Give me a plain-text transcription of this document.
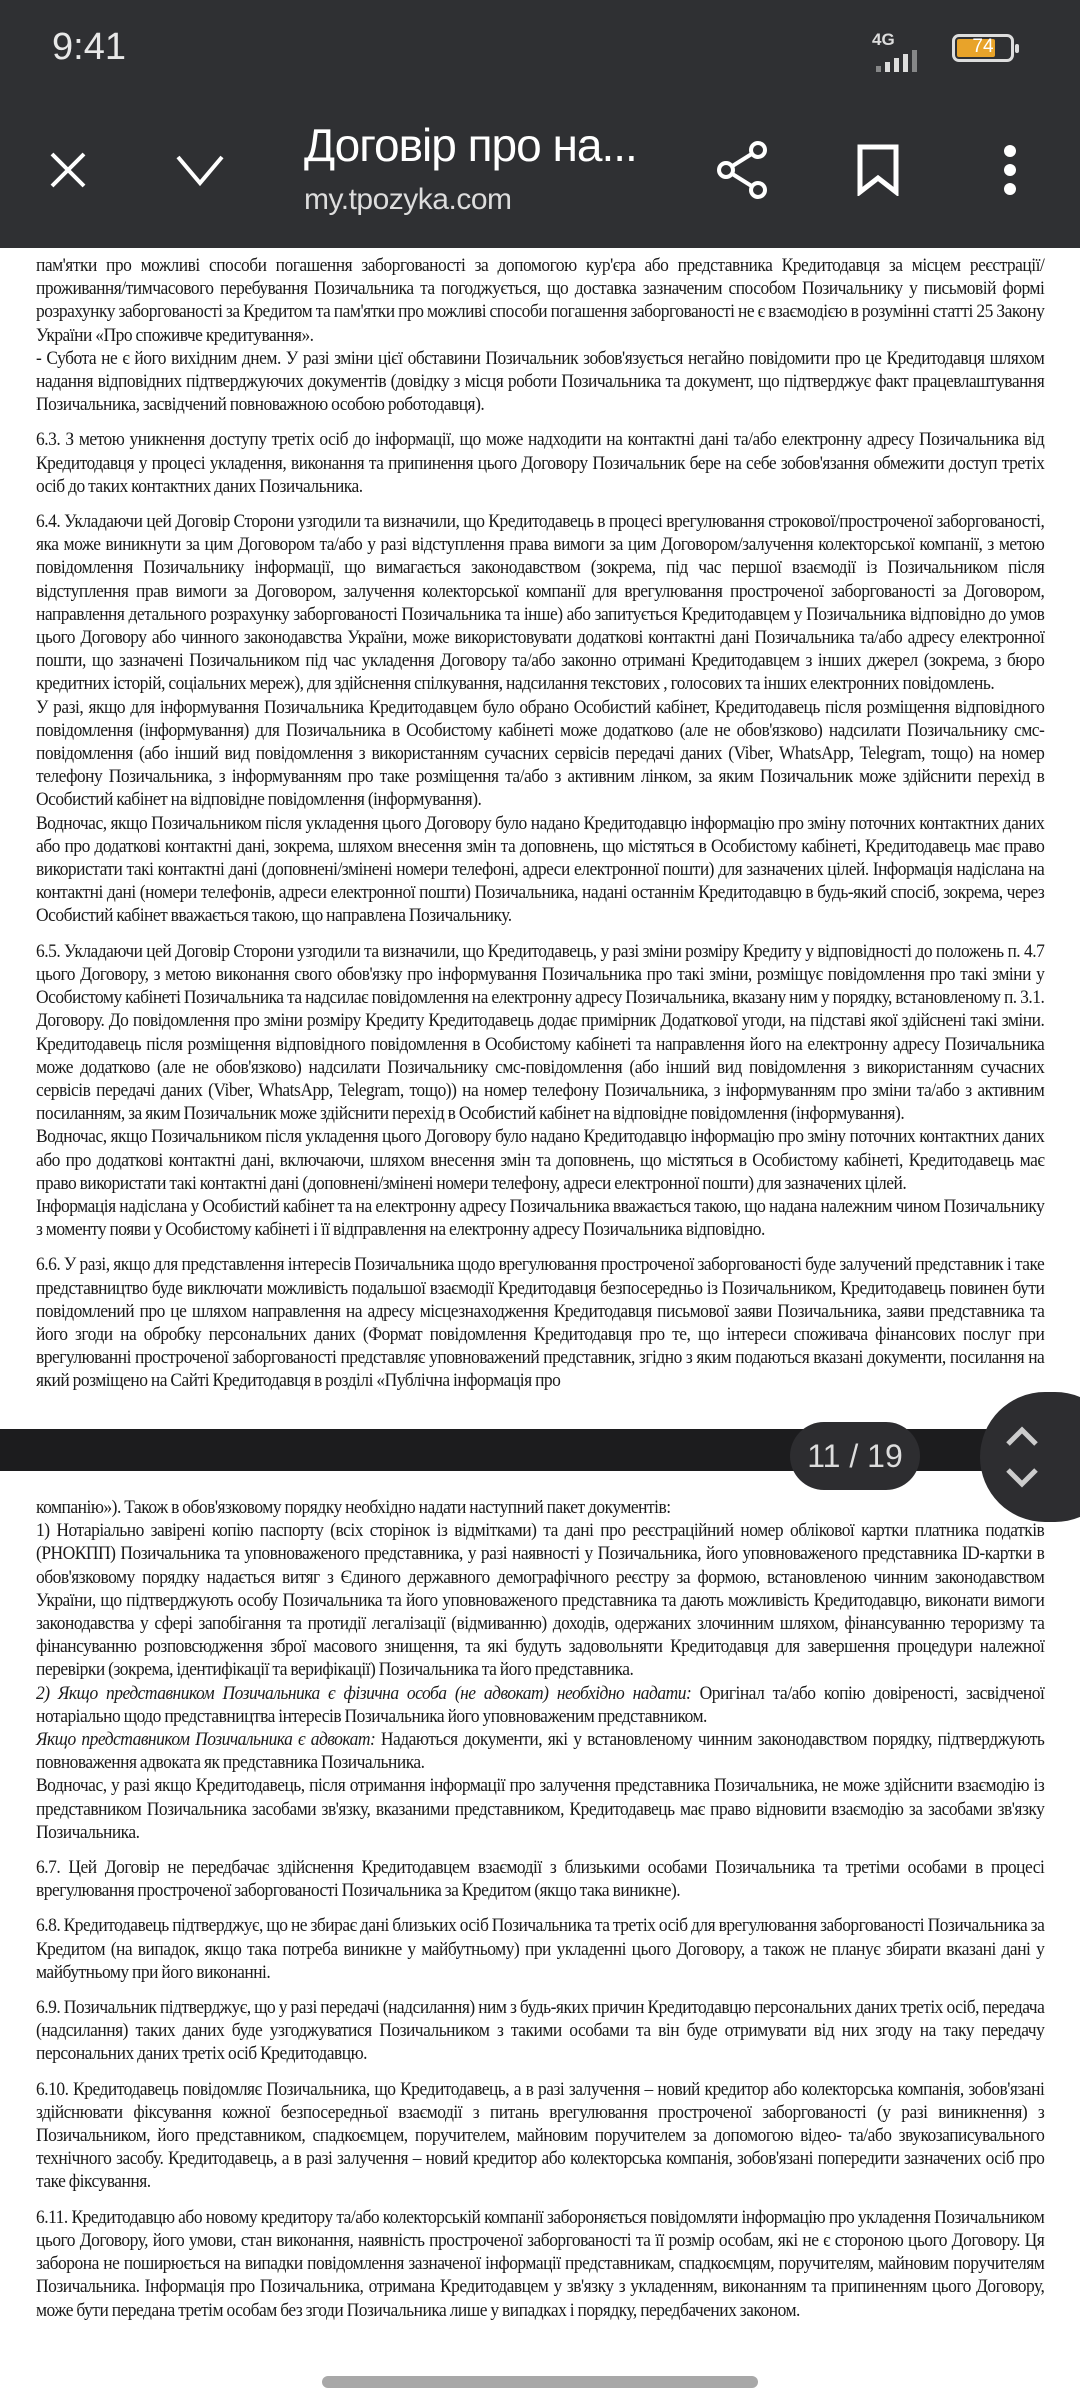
9:41	4G	74
Договір про на...
my.tpozyka.com

пам'ятки про можливі способи погашення заборгованості за допомогою кур'єра або представника Кредитодавця за місцем реєстрації/проживання/тимчасового перебування Позичальника та погоджується, що доставка зазначеним способом Позичальнику у письмовій формі розрахунку заборгованості за Кредитом та пам'ятки про можливі способи погашення заборгованості не є взаємодією в розумінні статті 25 Закону України «Про споживче кредитування».

- Субота не є його вихідним днем. У разі зміни цієї обставини Позичальник зобов'язується негайно повідомити про це Кредитодавця шляхом надання відповідних підтверджуючих документів (довідку з місця роботи Позичальника та документ, що підтверджує факт працевлаштування Позичальника, засвідчений повноважною особою роботодавця).

6.3. З метою уникнення доступу третіх осіб до інформації, що може надходити на контактні дані та/або електронну адресу Позичальника від Кредитодавця у процесі укладення, виконання та припинення цього Договору Позичальник бере на себе зобов'язання обмежити доступ третіх осіб до таких контактних даних Позичальника.

6.4. Укладаючи цей Договір Сторони узгодили та визначили, що Кредитодавець в процесі врегулювання строкової/простроченої заборгованості, яка може виникнути за цим Договором та/або у разі відступлення права вимоги за цим Договором/залучення колекторської компанії, з метою повідомлення Позичальнику інформації, що вимагається законодавством (зокрема, під час першої взаємодії із Позичальником після відступлення прав вимоги за Договором, залучення колекторської компанії для врегулювання простроченої заборгованості за Договором, направлення детального розрахунку заборгованості Позичальника та інше) або запитується Кредитодавцем у Позичальника відповідно до умов цього Договору або чинного законодавства України, може використовувати додаткові контактні дані Позичальника та/або адресу електронної пошти, що зазначені Позичальником під час укладення Договору та/або законно отримані Кредитодавцем з інших джерел (зокрема, з бюро кредитних історій, соціальних мереж), для здійснення спілкування, надсилання текстових , голосових та інших електронних повідомлень.

У разі, якщо для інформування Позичальника Кредитодавцем було обрано Особистий кабінет, Кредитодавець після розміщення відповідного повідомлення (інформування) для Позичальника в Особистому кабінеті може додатково (але не обов'язково) надсилати Позичальнику смс-повідомлення (або інший вид повідомлення з використанням сучасних сервісів передачі даних (Viber, WhatsApp, Telegram, тощо) на номер телефону Позичальника, з інформуванням про таке розміщення та/або з активним лінком, за яким Позичальник може здійснити перехід в Особистий кабінет на відповідне повідомлення (інформування).

Водночас, якщо Позичальником після укладення цього Договору було надано Кредитодавцю інформацію про зміну поточних контактних даних або про додаткові контактні дані, зокрема, шляхом внесення змін та доповнень, що містяться в Особистому кабінеті, Кредитодавець має право використати такі контактні дані (доповнені/змінені номери телефоні, адреси електронної пошти) для зазначених цілей. Інформація надіслана на контактні дані (номери телефонів, адреси електронної пошти) Позичальника, надані останнім Кредитодавцю в будь-який спосіб, зокрема, через Особистий кабінет вважається такою, що направлена Позичальнику.

6.5. Укладаючи цей Договір Сторони узгодили та визначили, що Кредитодавець, у разі зміни розміру Кредиту у відповідності до положень п. 4.7 цього Договору, з метою виконання свого обов'язку про інформування Позичальника про такі зміни, розміщує повідомлення про такі зміни у Особистому кабінеті Позичальника та надсилає повідомлення на електронну адресу Позичальника, вказану ним у порядку, встановленому п. 3.1. Договору. До повідомлення про зміни розміру Кредиту Кредитодавець додає примірник Додаткової угоди, на підставі якої здійснені такі зміни. Кредитодавець після розміщення відповідного повідомлення в Особистому кабінеті та направлення його на електронну адресу Позичальника може додатково (але не обов'язково) надсилати Позичальнику смс-повідомлення (або інший вид повідомлення з використанням сучасних сервісів передачі даних (Viber, WhatsApp, Telegram, тощо)) на номер телефону Позичальника, з інформуванням про зміни та/або з активним посиланням, за яким Позичальник може здійснити перехід в Особистий кабінет на відповідне повідомлення (інформування).

Водночас, якщо Позичальником після укладення цього Договору було надано Кредитодавцю інформацію про зміну поточних контактних даних або про додаткові контактні дані, включаючи, шляхом внесення змін та доповнень, що містяться в Особистому кабінеті, Кредитодавець має право використати такі контактні дані (доповнені/змінені номери телефону, адреси електронної пошти) для зазначених цілей.

Інформація надіслана у Особистий кабінет та на електронну адресу Позичальника вважається такою, що надана належним чином Позичальнику з моменту появи у Особистому кабінеті і її відправлення на електронну адресу Позичальника відповідно.

6.6. У разі, якщо для представлення інтересів Позичальника щодо врегулювання простроченої заборгованості буде залучений представник і таке представництво буде виключати можливість подальшої взаємодії Кредитодавця безпосередньо із Позичальником, Кредитодавець повинен бути повідомлений про це шляхом направлення на адресу місцезнаходження Кредитодавця письмової заяви Позичальника, заяви представника та його згоди на обробку персональних даних (Формат повідомлення Кредитодавця про те, що інтереси споживача фінансових послуг при врегулюванні простроченої заборгованості представляє уповноважений представник, згідно з яким подаються вказані документи, посилання на який розміщено на Сайті Кредитодавця в розділі «Публічна інформація про

11 / 19

компанію»). Також в обов'язковому порядку необхідно надати наступний пакет документів:

1) Нотаріально завірені копію паспорту (всіх сторінок із відмітками) та дані про реєстраційний номер облікової картки платника податків (РНОКПП) Позичальника та уповноваженого представника, у разі наявності у Позичальника, його уповноваженого представника ID-картки в обов'язковому порядку надається витяг з Єдиного державного демографічного реєстру за формою, встановленою чинним законодавством України, що підтверджують особу Позичальника та його уповноваженого представника та дають можливість Кредитодавцю, виконати вимоги законодавства у сфері запобігання та протидії легалізації (відмиванню) доходів, одержаних злочинним шляхом, фінансуванню тероризму та фінансуванню розповсюдження зброї масового знищення, та які будуть задовольняти Кредитодавця для завершення процедури належної перевірки (зокрема, ідентифікації та верифікації) Позичальника та його представника.

2) Якщо представником Позичальника є фізична особа (не адвокат) необхідно надати: Оригінал та/або копію довіреності, засвідченої нотаріально щодо представництва інтересів Позичальника його уповноваженим представником.

Якщо представником Позичальника є адвокат: Надаються документи, які у встановленому чинним законодавством порядку, підтверджують повноваження адвоката як представника Позичальника.

Водночас, у разі якщо Кредитодавець, після отримання інформації про залучення представника Позичальника, не може здійснити взаємодію із представником Позичальника засобами зв'язку, вказаними представником, Кредитодавець має право відновити взаємодію за засобами зв'язку Позичальника.

6.7. Цей Договір не передбачає здійснення Кредитодавцем взаємодії з близькими особами Позичальника та третіми особами в процесі врегулювання простроченої заборгованості Позичальника за Кредитом (якщо така виникне).

6.8. Кредитодавець підтверджує, що не збирає дані близьких осіб Позичальника та третіх осіб для врегулювання заборгованості Позичальника за Кредитом (на випадок, якщо така потреба виникне у майбутньому) при укладенні цього Договору, а також не планує збирати вказані дані у майбутньому при його виконанні.

6.9. Позичальник підтверджує, що у разі передачі (надсилання) ним з будь-яких причин Кредитодавцю персональних даних третіх осіб, передача (надсилання) таких даних буде узгоджуватися Позичальником з такими особами та він буде отримувати від них згоду на таку передачу персональних даних третіх осіб Кредитодавцю.

6.10. Кредитодавець повідомляє Позичальника, що Кредитодавець, а в разі залучення – новий кредитор або колекторська компанія, зобов'язані здійснювати фіксування кожної безпосередньої взаємодії з питань врегулювання простроченої заборгованості (у разі виникнення) з Позичальником, його представником, спадкоємцем, поручителем, майновим поручителем за допомогою відео- та/або звукозаписувального технічного засобу. Кредитодавець, а в разі залучення – новий кредитор або колекторська компанія, зобов'язані попередити зазначених осіб про таке фіксування.

6.11. Кредитодавцю або новому кредитору та/або колекторській компанії забороняється повідомляти інформацію про укладення Позичальником цього Договору, його умови, стан виконання, наявність простроченої заборгованості та її розмір особам, які не є стороною цього Договору. Ця заборона не поширюється на випадки повідомлення зазначеної інформації представникам, спадкоємцям, поручителям, майновим поручителям Позичальника. Інформація про Позичальника, отримана Кредитодавцем у зв'язку з укладенням, виконанням та припиненням цього Договору, може бути передана третім особам без згоди Позичальника лише у випадках і порядку, передбачених законом.
